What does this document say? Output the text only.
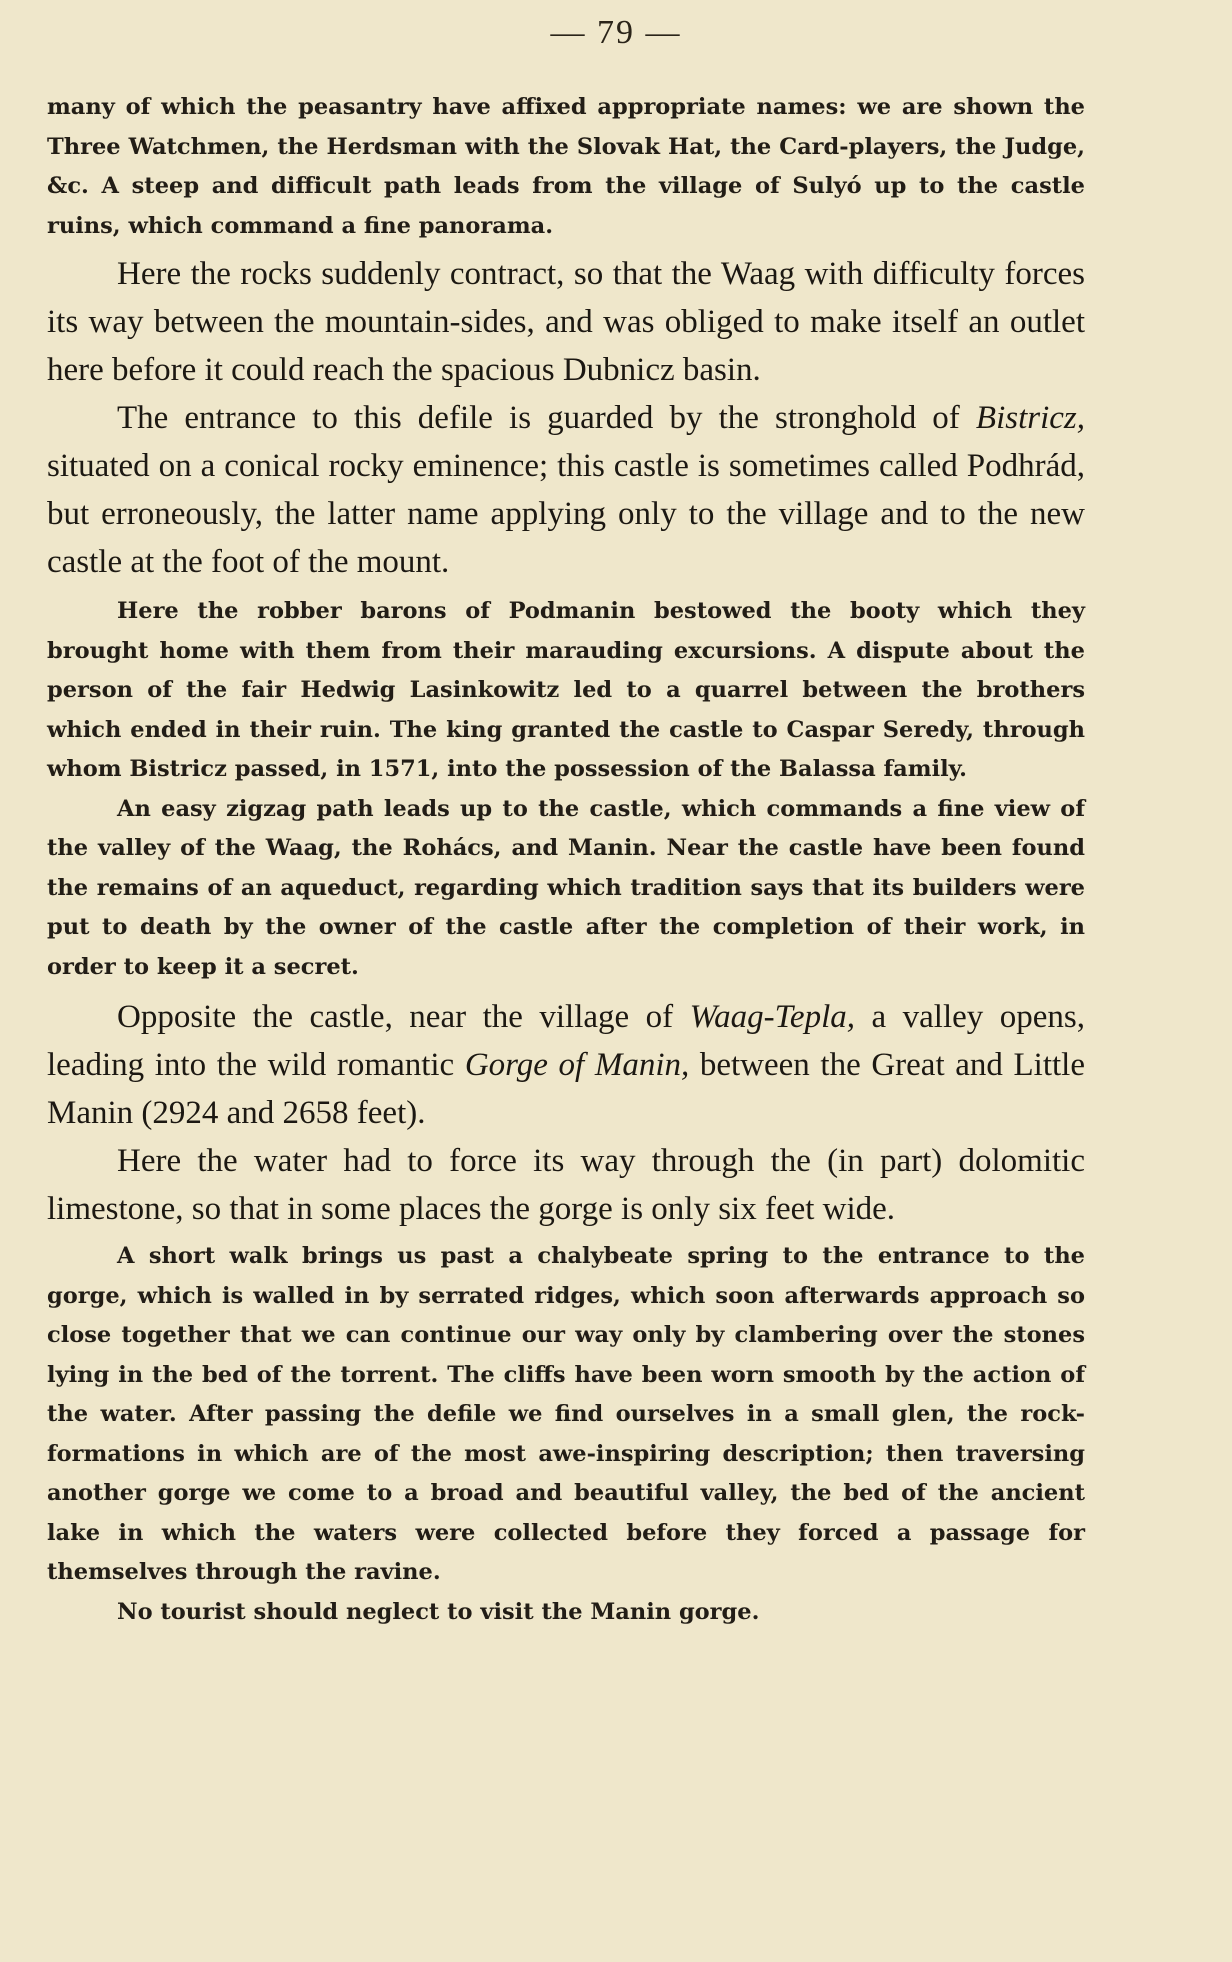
— 79 —

many of which the peasantry have affixed appropriate names: we are shown the Three Watchmen, the Herdsman with the Slovak Hat, the Card-players, the Judge, &c. A steep and difficult path leads from the village of Sulyó up to the castle ruins, which command a fine panorama.

Here the rocks suddenly contract, so that the Waag with difficulty forces its way between the mountain-sides, and was obliged to make itself an outlet here before it could reach the spacious Dubnicz basin.

The entrance to this defile is guarded by the stronghold of Bistricz, situated on a conical rocky eminence; this castle is sometimes called Podhrád, but erroneously, the latter name applying only to the village and to the new castle at the foot of the mount.

Here the robber barons of Podmanin bestowed the booty which they brought home with them from their marauding excursions. A dispute about the person of the fair Hedwig Lasinkowitz led to a quarrel between the brothers which ended in their ruin. The king granted the castle to Caspar Seredy, through whom Bistricz passed, in 1571, into the possession of the Balassa family.

An easy zigzag path leads up to the castle, which commands a fine view of the valley of the Waag, the Rohács, and Manin. Near the castle have been found the remains of an aqueduct, regarding which tradition says that its builders were put to death by the owner of the castle after the completion of their work, in order to keep it a secret.

Opposite the castle, near the village of Waag-Tepla, a valley opens, leading into the wild romantic Gorge of Manin, between the Great and Little Manin (2924 and 2658 feet).

Here the water had to force its way through the (in part) dolomitic limestone, so that in some places the gorge is only six feet wide.

A short walk brings us past a chalybeate spring to the entrance to the gorge, which is walled in by serrated ridges, which soon afterwards approach so close together that we can continue our way only by clambering over the stones lying in the bed of the torrent. The cliffs have been worn smooth by the action of the water. After passing the defile we find ourselves in a small glen, the rock-formations in which are of the most awe-inspiring description; then traversing another gorge we come to a broad and beautiful valley, the bed of the ancient lake in which the waters were collected before they forced a passage for themselves through the ravine.

No tourist should neglect to visit the Manin gorge.
